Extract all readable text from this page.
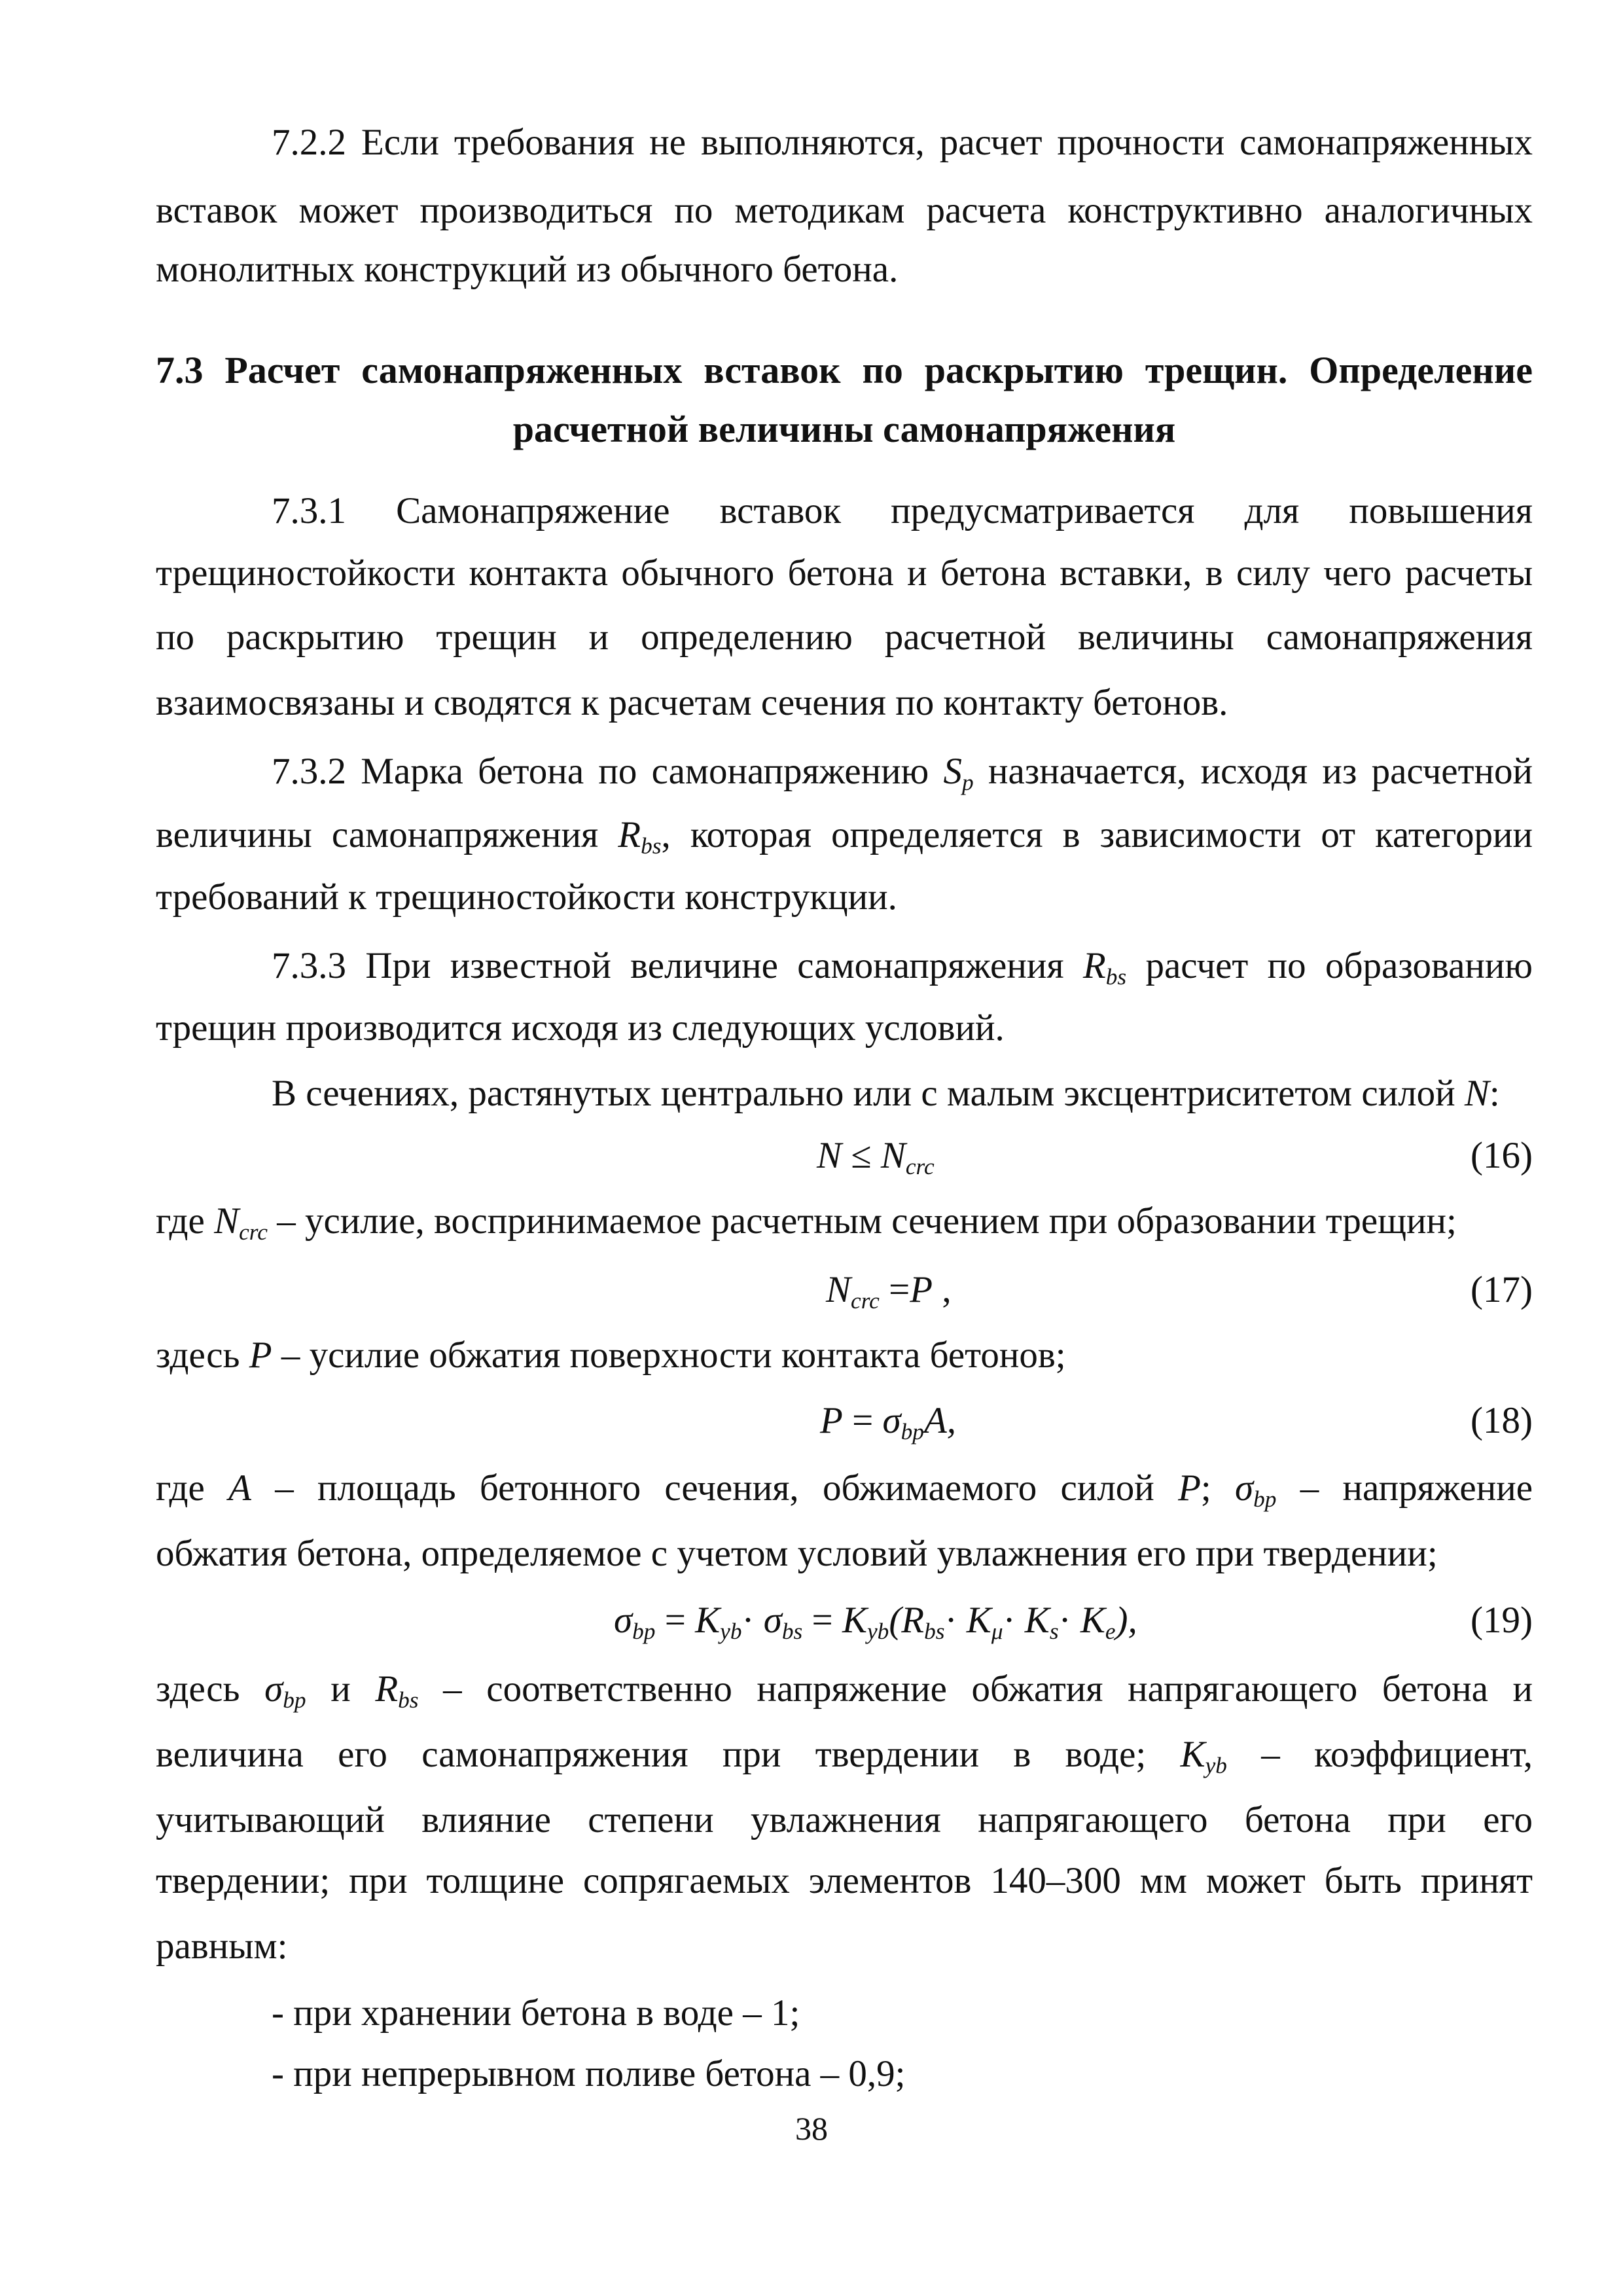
7.2.2 Если требования не выполняются, расчет прочности самонапряженных
вставок может производиться по методикам расчета конструктивно аналогичных
монолитных конструкций из обычного бетона.
7.3 Расчет самонапряженных вставок по раскрытию трещин. Определение
расчетной величины самонапряжения
7.3.1 Самонапряжение вставок предусматривается для повышения
трещиностойкости контакта обычного бетона и бетона вставки, в силу чего расчеты
по раскрытию трещин и определению расчетной величины самонапряжения
взаимосвязаны и сводятся к расчетам сечения по контакту бетонов.
7.3.2 Марка бетона по самонапряжению $S_p$ назначается, исходя из расчетной
величины самонапряжения $R_{bs}$, которая определяется в зависимости от категории
требований к трещиностойкости конструкции.
7.3.3 При известной величине самонапряжения $R_{bs}$ расчет по образованию
трещин производится исходя из следующих условий.
В сечениях, растянутых центрально или с малым эксцентриситетом силой N:
$N \le N_{crc}$	(16)
где $N_{crc}$ – усилие, воспринимаемое расчетным сечением при образовании трещин;
$N_{crc} =P$ ,	(17)
здесь P – усилие обжатия поверхности контакта бетонов;
$P = \sigma_{bp}A$,	(18)
где A – площадь бетонного сечения, обжимаемого силой P; $\sigma_{bp}$ – напряжение
обжатия бетона, определяемое с учетом условий увлажнения его при твердении;
$\sigma_{bp} = K_{yb}\cdot \sigma_{bs} = K_{yb}(R_{bs}\cdot K_\mu\cdot K_s\cdot K_e)$,	(19)
здесь $\sigma_{bp}$ и $R_{bs}$ – соответственно напряжение обжатия напрягающего бетона и
величина его самонапряжения при твердении в воде; $K_{yb}$ – коэффициент,
учитывающий влияние степени увлажнения напрягающего бетона при его
твердении; при толщине сопрягаемых элементов 140–300 мм может быть принят
равным:
- при хранении бетона в воде – 1;
- при непрерывном поливе бетона – 0,9;
38
